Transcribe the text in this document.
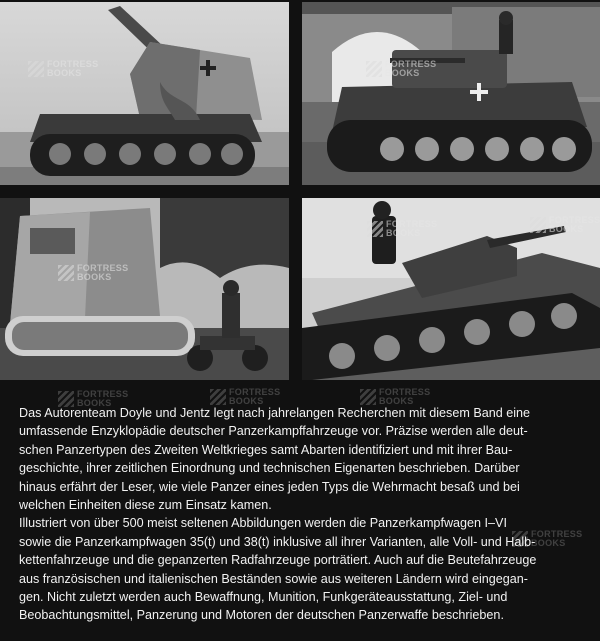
FORTRESS
BOOKS
FORTRESS
BOOKS
FORTRESS
BOOKS
FORTRESS
BOOKS
FORTRESS
BOOKS
FORTRESS
BOOKS
FORTRESS
BOOKS
FORTRESS
BOOKS
FORTRESS
BOOKS

Das Autorenteam Doyle und Jentz legt nach jahrelangen Recherchen mit diesem Band eine

umfassende Enzyklopädie deutscher Panzerkampffahrzeuge vor. Präzise werden alle deut-

schen Panzertypen des Zweiten Weltkrieges samt Abarten identifiziert und mit ihrer Bau-

geschichte, ihrer zeitlichen Einordnung und technischen Eigenarten beschrieben. Darüber

hinaus erfährt der Leser, wie viele Panzer eines jeden Typs die Wehrmacht besaß und bei

welchen Einheiten diese zum Einsatz kamen.

Illustriert von über 500 meist seltenen Abbildungen werden die Panzerkampfwagen I–VI

sowie die Panzerkampfwagen 35(t) und 38(t) inklusive all ihrer Varianten, alle Voll- und Halb-

kettenfahrzeuge und die gepanzerten Radfahrzeuge porträtiert. Auch auf die Beutefahrzeuge

aus französischen und italienischen Beständen sowie aus weiteren Ländern wird eingegan-

gen. Nicht zuletzt werden auch Bewaffnung, Munition, Funkgeräteausstattung, Ziel- und

Beobachtungsmittel, Panzerung und Motoren der deutschen Panzerwaffe beschrieben.
